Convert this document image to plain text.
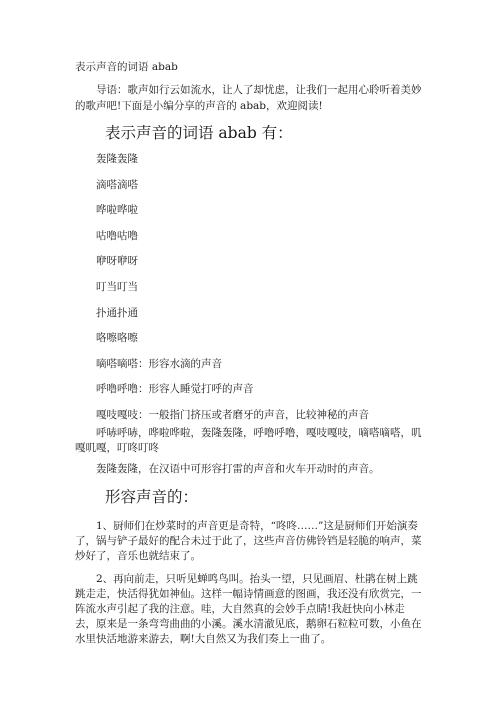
表示声音的词语 abab

导语：歌声如行云如流水，让人了却忧虑，让我们一起用心聆听着美妙的歌声吧!下面是小编分享的声音的 abab，欢迎阅读!

表示声音的词语 abab 有：
轰隆轰隆
滴嗒滴嗒
哗啦哗啦
咕噜咕噜
咿呀咿呀
叮当叮当
扑通扑通
咯嚓咯嚓
嘀嗒嘀嗒：形容水滴的声音
呼噜呼噜：形容人睡觉打呼的声音
嘎吱嘎吱：一般指门挤压或者磨牙的声音，比较神秘的声音

呼哧呼哧，哗啦哗啦，轰隆轰隆，呼噜呼噜，嘎吱嘎吱，嘀嗒嘀嗒，叽嘎叽嘎，叮咚叮咚

轰隆轰隆，在汉语中可形容打雷的声音和火车开动时的声音。

形容声音的：

1、厨师们在炒菜时的声音更是奇特，“咚咚……”这是厨师们开始演奏了，锅与铲子最好的配合未过于此了，这些声音仿佛铃铛是轻脆的响声，菜炒好了，音乐也就结束了。

2、再向前走，只听见蝉鸣鸟叫。抬头一望，只见画眉、杜鹃在树上跳跳走走，快活得犹如神仙。这样一幅诗情画意的图画，我还没有欣赏完，一阵流水声引起了我的注意。哇，大自然真的会妙手点睛!我赶快向小林走去，原来是一条弯弯曲曲的小溪。溪水清澈见底，鹅卵石粒粒可数，小鱼在水里快活地游来游去，啊!大自然又为我们奏上一曲了。
